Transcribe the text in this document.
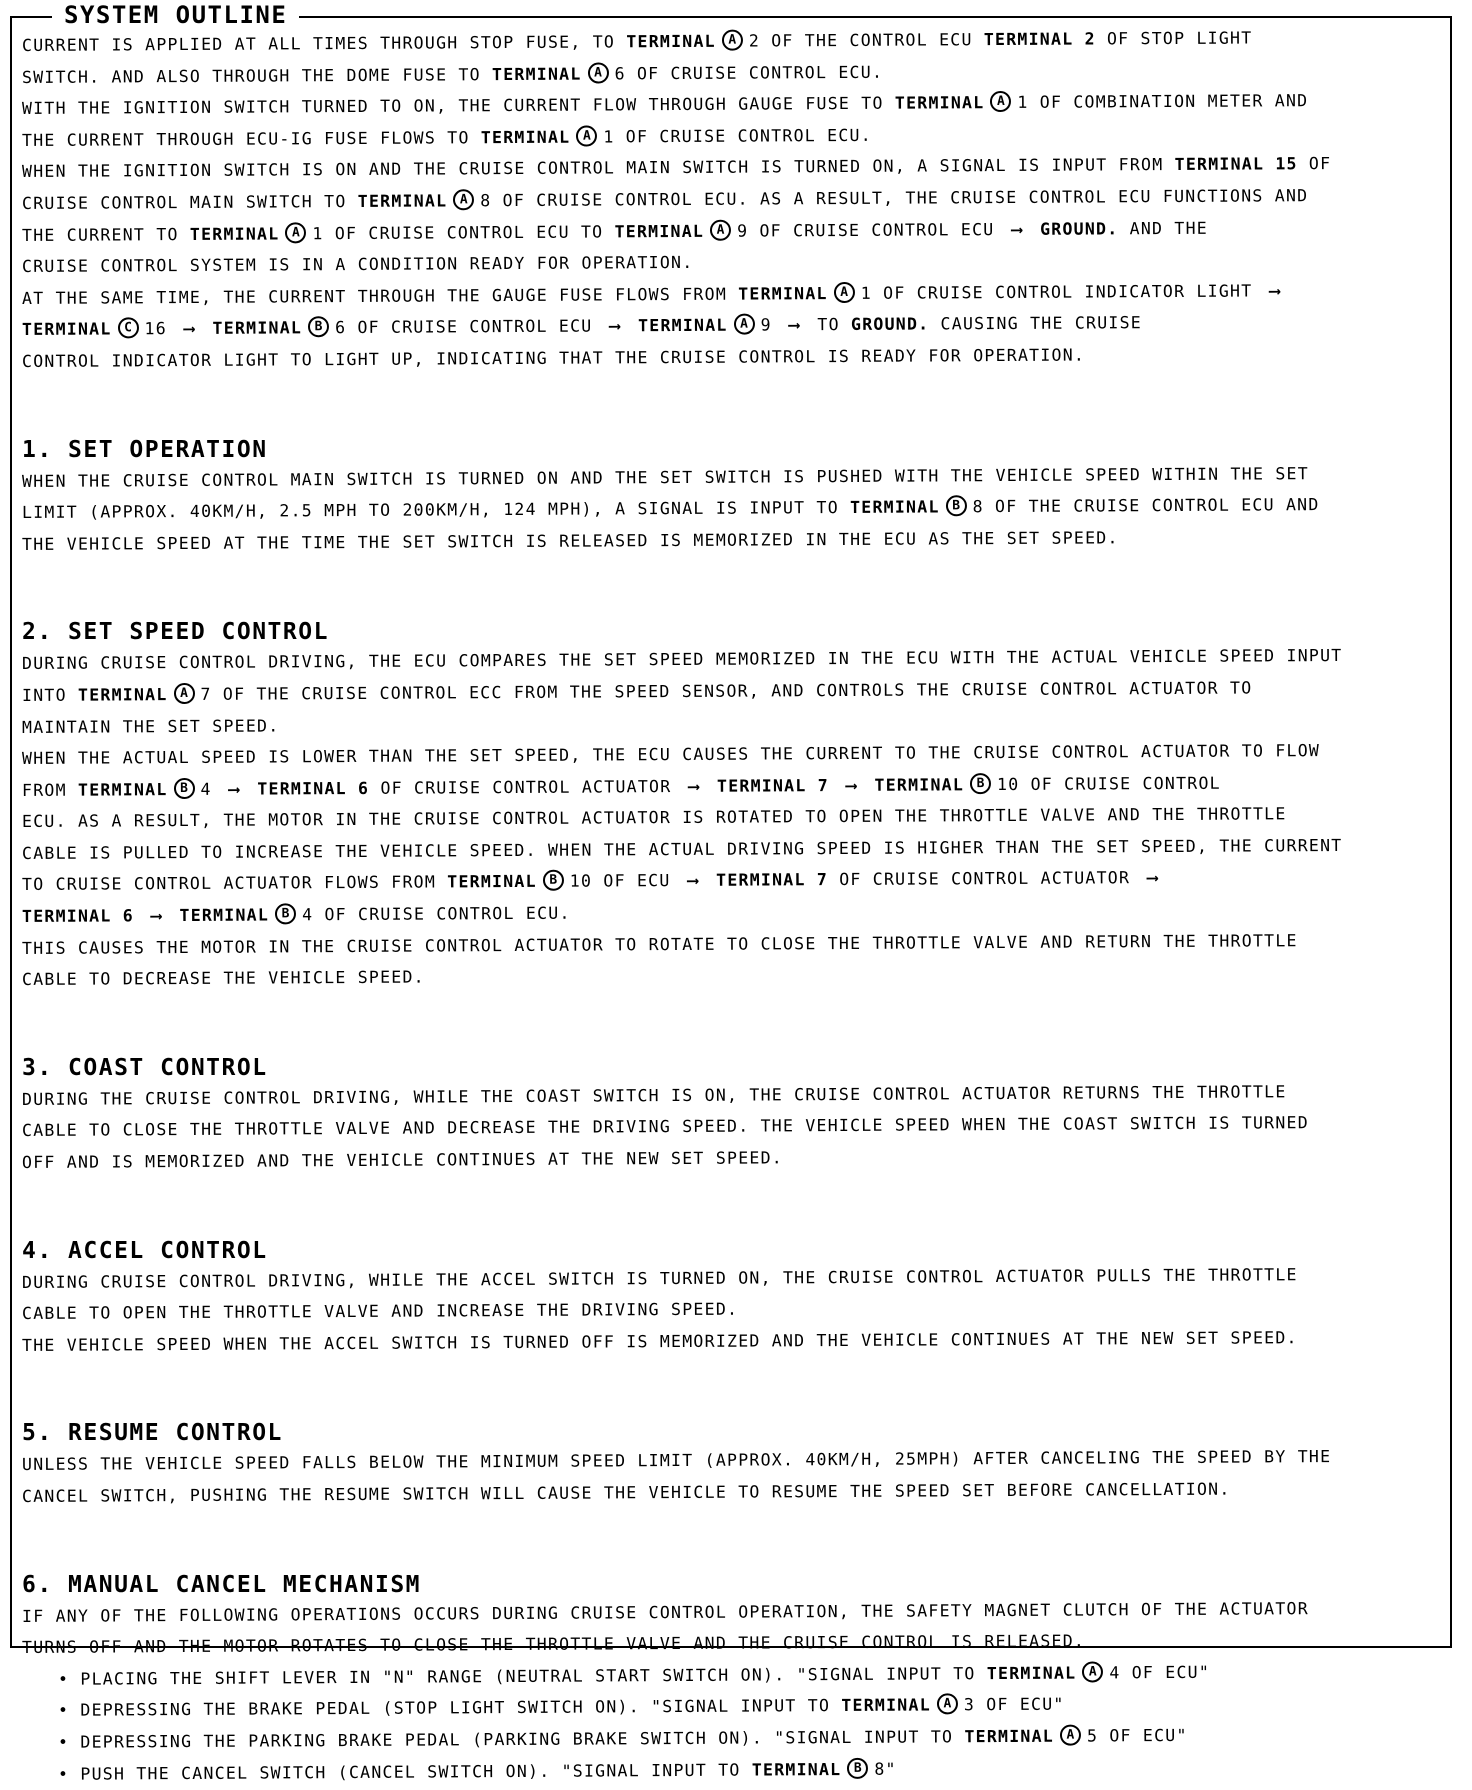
SYSTEM OUTLINE
CURRENT IS APPLIED AT ALL TIMES THROUGH STOP FUSE, TO TERMINAL A 2 OF THE CONTROL ECU TERMINAL 2 OF STOP LIGHT
SWITCH. AND ALSO THROUGH THE DOME FUSE TO TERMINAL A 6 OF CRUISE CONTROL ECU.
WITH THE IGNITION SWITCH TURNED TO ON, THE CURRENT FLOW THROUGH GAUGE FUSE TO TERMINAL A 1 OF COMBINATION METER AND
THE CURRENT THROUGH ECU-IG FUSE FLOWS TO TERMINAL A 1 OF CRUISE CONTROL ECU.
WHEN THE IGNITION SWITCH IS ON AND THE CRUISE CONTROL MAIN SWITCH IS TURNED ON, A SIGNAL IS INPUT FROM TERMINAL 15 OF
CRUISE CONTROL MAIN SWITCH TO TERMINAL A 8 OF CRUISE CONTROL ECU. AS A RESULT, THE CRUISE CONTROL ECU FUNCTIONS AND
THE CURRENT TO TERMINAL A 1 OF CRUISE CONTROL ECU TO TERMINAL A 9 OF CRUISE CONTROL ECU ⟶ GROUND. AND THE
CRUISE CONTROL SYSTEM IS IN A CONDITION READY FOR OPERATION.
AT THE SAME TIME, THE CURRENT THROUGH THE GAUGE FUSE FLOWS FROM TERMINAL A 1 OF CRUISE CONTROL INDICATOR LIGHT ⟶
TERMINAL C 16 ⟶ TERMINAL B 6 OF CRUISE CONTROL ECU ⟶ TERMINAL A 9 ⟶ TO GROUND. CAUSING THE CRUISE
CONTROL INDICATOR LIGHT TO LIGHT UP, INDICATING THAT THE CRUISE CONTROL IS READY FOR OPERATION.
1. SET OPERATION
WHEN THE CRUISE CONTROL MAIN SWITCH IS TURNED ON AND THE SET SWITCH IS PUSHED WITH THE VEHICLE SPEED WITHIN THE SET
LIMIT (APPROX. 40KM/H, 2.5 MPH TO 200KM/H, 124 MPH), A SIGNAL IS INPUT TO TERMINAL B 8 OF THE CRUISE CONTROL ECU AND
THE VEHICLE SPEED AT THE TIME THE SET SWITCH IS RELEASED IS MEMORIZED IN THE ECU AS THE SET SPEED.
2. SET SPEED CONTROL
DURING CRUISE CONTROL DRIVING, THE ECU COMPARES THE SET SPEED MEMORIZED IN THE ECU WITH THE ACTUAL VEHICLE SPEED INPUT
INTO TERMINAL A 7 OF THE CRUISE CONTROL ECC FROM THE SPEED SENSOR, AND CONTROLS THE CRUISE CONTROL ACTUATOR TO
MAINTAIN THE SET SPEED.
WHEN THE ACTUAL SPEED IS LOWER THAN THE SET SPEED, THE ECU CAUSES THE CURRENT TO THE CRUISE CONTROL ACTUATOR TO FLOW
FROM TERMINAL B 4 ⟶ TERMINAL 6 OF CRUISE CONTROL ACTUATOR ⟶ TERMINAL 7 ⟶ TERMINAL B 10 OF CRUISE CONTROL
ECU. AS A RESULT, THE MOTOR IN THE CRUISE CONTROL ACTUATOR IS ROTATED TO OPEN THE THROTTLE VALVE AND THE THROTTLE
CABLE IS PULLED TO INCREASE THE VEHICLE SPEED. WHEN THE ACTUAL DRIVING SPEED IS HIGHER THAN THE SET SPEED, THE CURRENT
TO CRUISE CONTROL ACTUATOR FLOWS FROM TERMINAL B 10 OF ECU ⟶ TERMINAL 7 OF CRUISE CONTROL ACTUATOR ⟶
TERMINAL 6 ⟶ TERMINAL B 4 OF CRUISE CONTROL ECU.
THIS CAUSES THE MOTOR IN THE CRUISE CONTROL ACTUATOR TO ROTATE TO CLOSE THE THROTTLE VALVE AND RETURN THE THROTTLE
CABLE TO DECREASE THE VEHICLE SPEED.
3. COAST CONTROL
DURING THE CRUISE CONTROL DRIVING, WHILE THE COAST SWITCH IS ON, THE CRUISE CONTROL ACTUATOR RETURNS THE THROTTLE
CABLE TO CLOSE THE THROTTLE VALVE AND DECREASE THE DRIVING SPEED. THE VEHICLE SPEED WHEN THE COAST SWITCH IS TURNED
OFF AND IS MEMORIZED AND THE VEHICLE CONTINUES AT THE NEW SET SPEED.
4. ACCEL CONTROL
DURING CRUISE CONTROL DRIVING, WHILE THE ACCEL SWITCH IS TURNED ON, THE CRUISE CONTROL ACTUATOR PULLS THE THROTTLE
CABLE TO OPEN THE THROTTLE VALVE AND INCREASE THE DRIVING SPEED.
THE VEHICLE SPEED WHEN THE ACCEL SWITCH IS TURNED OFF IS MEMORIZED AND THE VEHICLE CONTINUES AT THE NEW SET SPEED.
5. RESUME CONTROL
UNLESS THE VEHICLE SPEED FALLS BELOW THE MINIMUM SPEED LIMIT (APPROX. 40KM/H, 25MPH) AFTER CANCELING THE SPEED BY THE
CANCEL SWITCH, PUSHING THE RESUME SWITCH WILL CAUSE THE VEHICLE TO RESUME THE SPEED SET BEFORE CANCELLATION.
6. MANUAL CANCEL MECHANISM
IF ANY OF THE FOLLOWING OPERATIONS OCCURS DURING CRUISE CONTROL OPERATION, THE SAFETY MAGNET CLUTCH OF THE ACTUATOR
TURNS OFF AND THE MOTOR ROTATES TO CLOSE THE THROTTLE VALVE AND THE CRUISE CONTROL IS RELEASED.
• PLACING THE SHIFT LEVER IN "N" RANGE (NEUTRAL START SWITCH ON). "SIGNAL INPUT TO TERMINAL A 4 OF ECU"
• DEPRESSING THE BRAKE PEDAL (STOP LIGHT SWITCH ON). "SIGNAL INPUT TO TERMINAL A 3 OF ECU"
• DEPRESSING THE PARKING BRAKE PEDAL (PARKING BRAKE SWITCH ON). "SIGNAL INPUT TO TERMINAL A 5 OF ECU"
• PUSH THE CANCEL SWITCH (CANCEL SWITCH ON). "SIGNAL INPUT TO TERMINAL B 8"
